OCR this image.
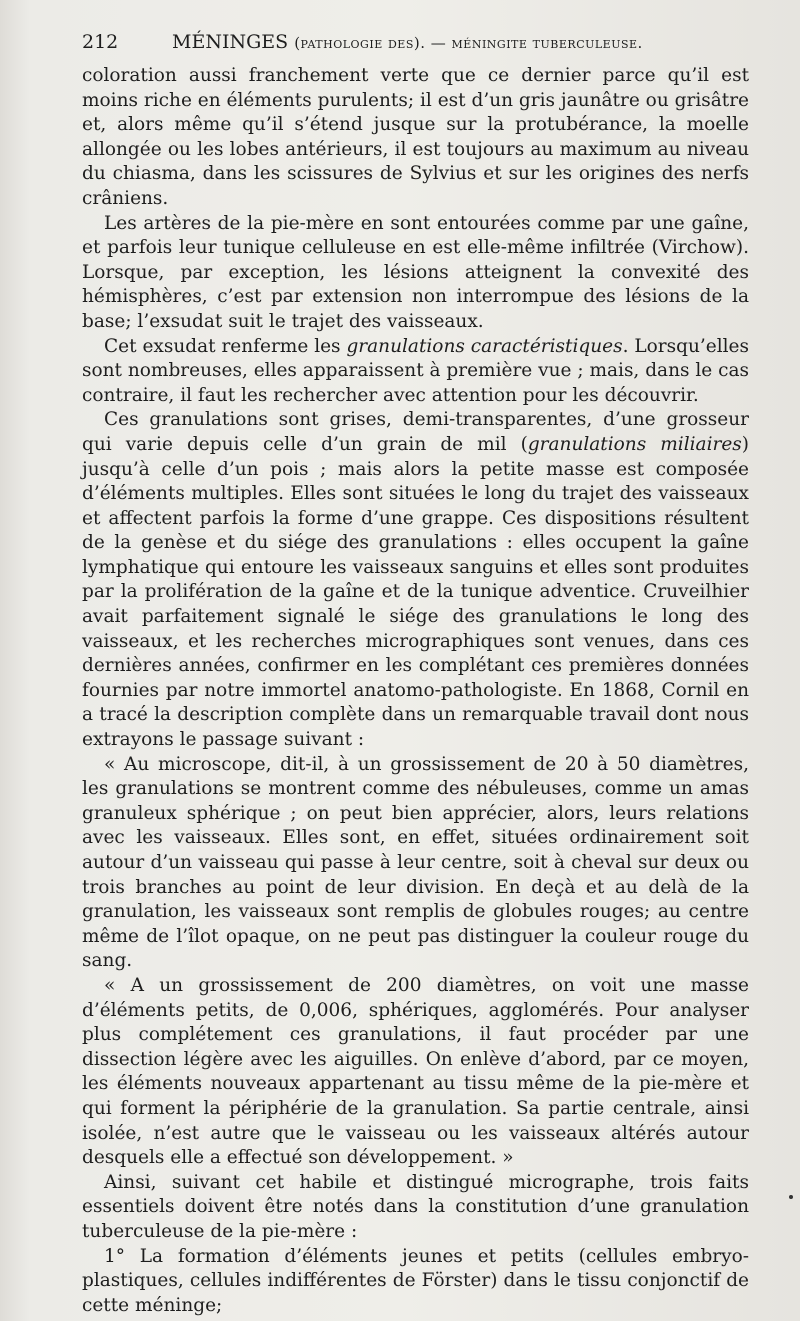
212	MÉNINGES
(pathologie des). — méningite tuberculeuse.

coloration aussi franchement verte que ce dernier parce qu’il est moins riche en éléments purulents; il est d’un gris jaunâtre ou grisâtre et, alors même qu’il s’étend jusque sur la protubérance, la moelle allongée ou les lobes antérieurs, il est toujours au maximum au niveau du chiasma, dans les scissures de Sylvius et sur les origines des nerfs crâniens.

Les artères de la pie-mère en sont entourées comme par une gaîne, et parfois leur tunique celluleuse en est elle-même infiltrée (Virchow). Lorsque, par exception, les lésions atteignent la convexité des hémisphères, c’est par extension non interrompue des lésions de la base; l’exsudat suit le trajet des vaisseaux.

Cet exsudat renferme les granulations caractéristiques. Lorsqu’elles sont nombreuses, elles apparaissent à première vue ; mais, dans le cas contraire, il faut les rechercher avec attention pour les découvrir.

Ces granulations sont grises, demi-transparentes, d’une grosseur qui varie depuis celle d’un grain de mil (granulations miliaires) jusqu’à celle d’un pois ; mais alors la petite masse est composée d’éléments multiples. Elles sont situées le long du trajet des vaisseaux et affectent parfois la forme d’une grappe. Ces dispositions résultent de la genèse et du siége des granulations : elles occupent la gaîne lymphatique qui entoure les vaisseaux sanguins et elles sont produites par la prolifération de la gaîne et de la tunique adventice. Cruveilhier avait parfaitement signalé le siége des granulations le long des vaisseaux, et les recherches micrographiques sont venues, dans ces dernières années, confirmer en les complétant ces premières données fournies par notre immortel anatomo-pathologiste. En 1868, Cornil en a tracé la description complète dans un remarquable travail dont nous extrayons le passage suivant :

« Au microscope, dit-il, à un grossissement de 20 à 50 diamètres, les granulations se montrent comme des nébuleuses, comme un amas granuleux sphérique ; on peut bien apprécier, alors, leurs relations avec les vaisseaux. Elles sont, en effet, situées ordinairement soit autour d’un vaisseau qui passe à leur centre, soit à cheval sur deux ou trois branches au point de leur division. En deçà et au delà de la granulation, les vaisseaux sont remplis de globules rouges; au centre même de l’îlot opaque, on ne peut pas distinguer la couleur rouge du sang.

« A un grossissement de 200 diamètres, on voit une masse d’éléments petits, de 0,006, sphériques, agglomérés. Pour analyser plus complétement ces granulations, il faut procéder par une dissection légère avec les aiguilles. On enlève d’abord, par ce moyen, les éléments nouveaux appartenant au tissu même de la pie-mère et qui forment la périphérie de la granulation. Sa partie centrale, ainsi isolée, n’est autre que le vaisseau ou les vaisseaux altérés autour desquels elle a effectué son développement. »

Ainsi, suivant cet habile et distingué micrographe, trois faits essentiels doivent être notés dans la constitution d’une granulation tuberculeuse de la pie-mère :

1° La formation d’éléments jeunes et petits (cellules embryo-plastiques, cellules indifférentes de Förster) dans le tissu conjonctif de cette méninge;
